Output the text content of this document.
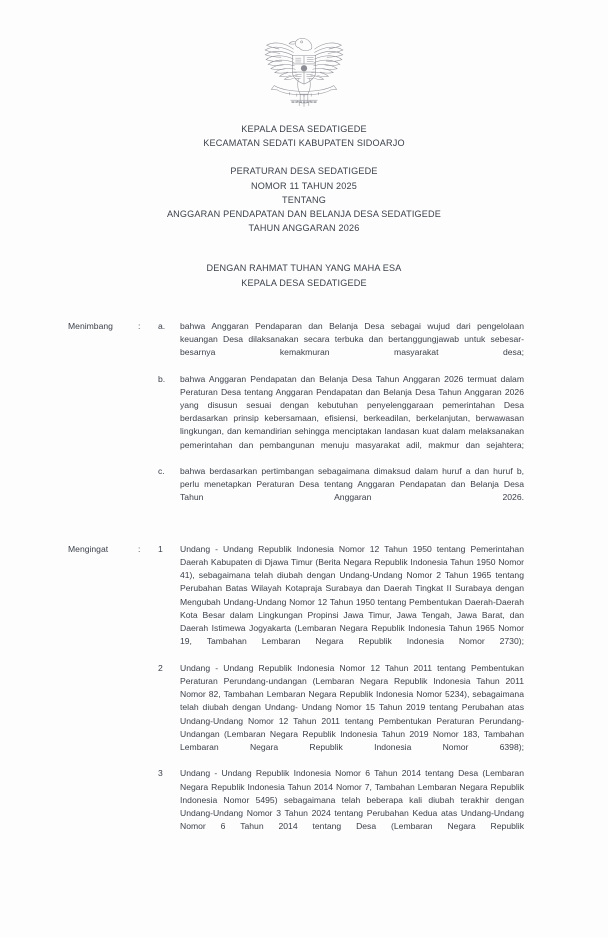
KEPALA DESA SEDATIGEDE
KECAMATAN SEDATI KABUPATEN SIDOARJO
PERATURAN DESA SEDATIGEDE
NOMOR 11 TAHUN 2025
TENTANG
ANGGARAN PENDAPATAN DAN BELANJA DESA SEDATIGEDE
TAHUN ANGGARAN 2026
DENGAN RAHMAT TUHAN YANG MAHA ESA
KEPALA DESA SEDATIGEDE
Menimbang	: a.	bahwa Anggaran Pendaparan dan Belanja Desa sebagai wujud dari pengelolaan keuangan Desa dilaksanakan secara terbuka dan bertanggungjawab untuk sebesar-besarnya kemakmuran masyarakat desa;
b.	bahwa Anggaran Pendapatan dan Belanja Desa Tahun Anggaran 2026 termuat dalam Peraturan Desa tentang Anggaran Pendapatan dan Belanja Desa Tahun Anggaran 2026 yang disusun sesuai dengan kebutuhan penyelenggaraan pemerintahan Desa berdasarkan prinsip kebersamaan, efisiensi, berkeadilan, berkelanjutan, berwawasan lingkungan, dan kemandirian sehingga menciptakan landasan kuat dalam melaksanakan pemerintahan dan pembangunan menuju masyarakat adil, makmur dan sejahtera;
c.	bahwa berdasarkan pertimbangan sebagaimana dimaksud dalam huruf a dan huruf b, perlu menetapkan Peraturan Desa tentang Anggaran Pendapatan dan Belanja Desa Tahun Anggaran 2026.
Mengingat	: 1	Undang - Undang Republik Indonesia Nomor 12 Tahun 1950 tentang Pemerintahan Daerah Kabupaten di Djawa Timur (Berita Negara Republik Indonesia Tahun 1950 Nomor 41), sebagaimana telah diubah dengan Undang-Undang Nomor 2 Tahun 1965 tentang Perubahan Batas Wilayah Kotapraja Surabaya dan Daerah Tingkat II Surabaya dengan Mengubah Undang-Undang Nomor 12 Tahun 1950 tentang Pembentukan Daerah-Daerah Kota Besar dalam Lingkungan Propinsi Jawa Timur, Jawa Tengah, Jawa Barat, dan Daerah Istimewa Jogyakarta (Lembaran Negara Republik Indonesia Tahun 1965 Nomor 19, Tambahan Lembaran Negara Republik Indonesia Nomor 2730);
2	Undang - Undang Republik Indonesia Nomor 12 Tahun 2011 tentang Pembentukan Peraturan Perundang-undangan (Lembaran Negara Republik Indonesia Tahun 2011 Nomor 82, Tambahan Lembaran Negara Republik Indonesia Nomor 5234), sebagaimana telah diubah dengan Undang- Undang Nomor 15 Tahun 2019 tentang Perubahan atas Undang-Undang Nomor 12 Tahun 2011 tentang Pembentukan Peraturan Perundang-Undangan (Lembaran Negara Republik Indonesia Tahun 2019 Nomor 183, Tambahan Lembaran Negara Republik Indonesia Nomor 6398);
3	Undang - Undang Republik Indonesia Nomor 6 Tahun 2014 tentang Desa (Lembaran Negara Republik Indonesia Tahun 2014 Nomor 7, Tambahan Lembaran Negara Republik Indonesia Nomor 5495) sebagaimana telah beberapa kali diubah terakhir dengan Undang-Undang Nomor 3 Tahun 2024 tentang Perubahan Kedua atas Undang-Undang Nomor 6 Tahun 2014 tentang Desa (Lembaran Negara Republik
